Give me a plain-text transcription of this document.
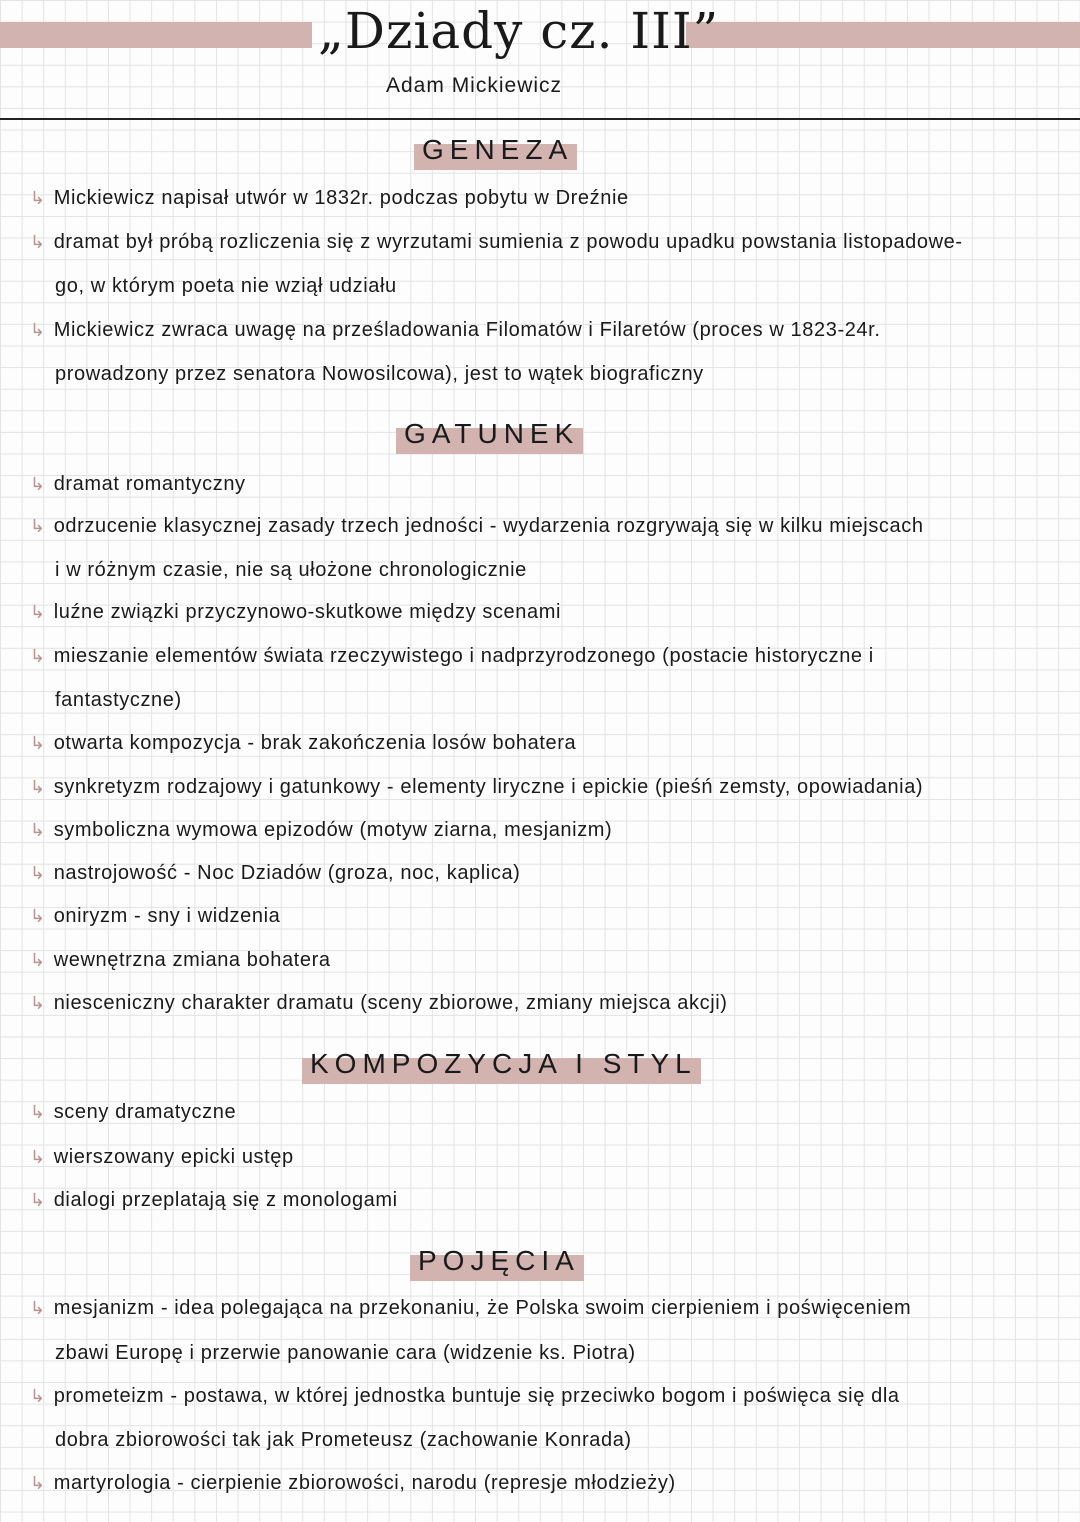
„Dziady cz. III”
Adam Mickiewicz
GENEZA
↳ Mickiewicz napisał utwór w 1832r. podczas pobytu w Dreźnie
↳ dramat był próbą rozliczenia się z wyrzutami sumienia z powodu upadku powstania listopadowe-
go, w którym poeta nie wziął udziału
↳ Mickiewicz zwraca uwagę na prześladowania Filomatów i Filaretów (proces w 1823-24r.
prowadzony przez senatora Nowosilcowa), jest to wątek biograficzny
GATUNEK
↳ dramat romantyczny
↳ odrzucenie klasycznej zasady trzech jedności - wydarzenia rozgrywają się w kilku miejscach
i w różnym czasie, nie są ułożone chronologicznie
↳ luźne związki przyczynowo-skutkowe między scenami
↳ mieszanie elementów świata rzeczywistego i nadprzyrodzonego (postacie historyczne i
fantastyczne)
↳ otwarta kompozycja - brak zakończenia losów bohatera
↳ synkretyzm rodzajowy i gatunkowy - elementy liryczne i epickie (pieśń zemsty, opowiadania)
↳ symboliczna wymowa epizodów (motyw ziarna, mesjanizm)
↳ nastrojowość - Noc Dziadów (groza, noc, kaplica)
↳ oniryzm - sny i widzenia
↳ wewnętrzna zmiana bohatera
↳ niesceniczny charakter dramatu (sceny zbiorowe, zmiany miejsca akcji)
KOMPOZYCJA I STYL
↳ sceny dramatyczne
↳ wierszowany epicki ustęp
↳ dialogi przeplatają się z monologami
POJĘCIA
↳ mesjanizm - idea polegająca na przekonaniu, że Polska swoim cierpieniem i poświęceniem
zbawi Europę i przerwie panowanie cara (widzenie ks. Piotra)
↳ prometeizm - postawa, w której jednostka buntuje się przeciwko bogom i poświęca się dla
dobra zbiorowości tak jak Prometeusz (zachowanie Konrada)
↳ martyrologia - cierpienie zbiorowości, narodu (represje młodzieży)
